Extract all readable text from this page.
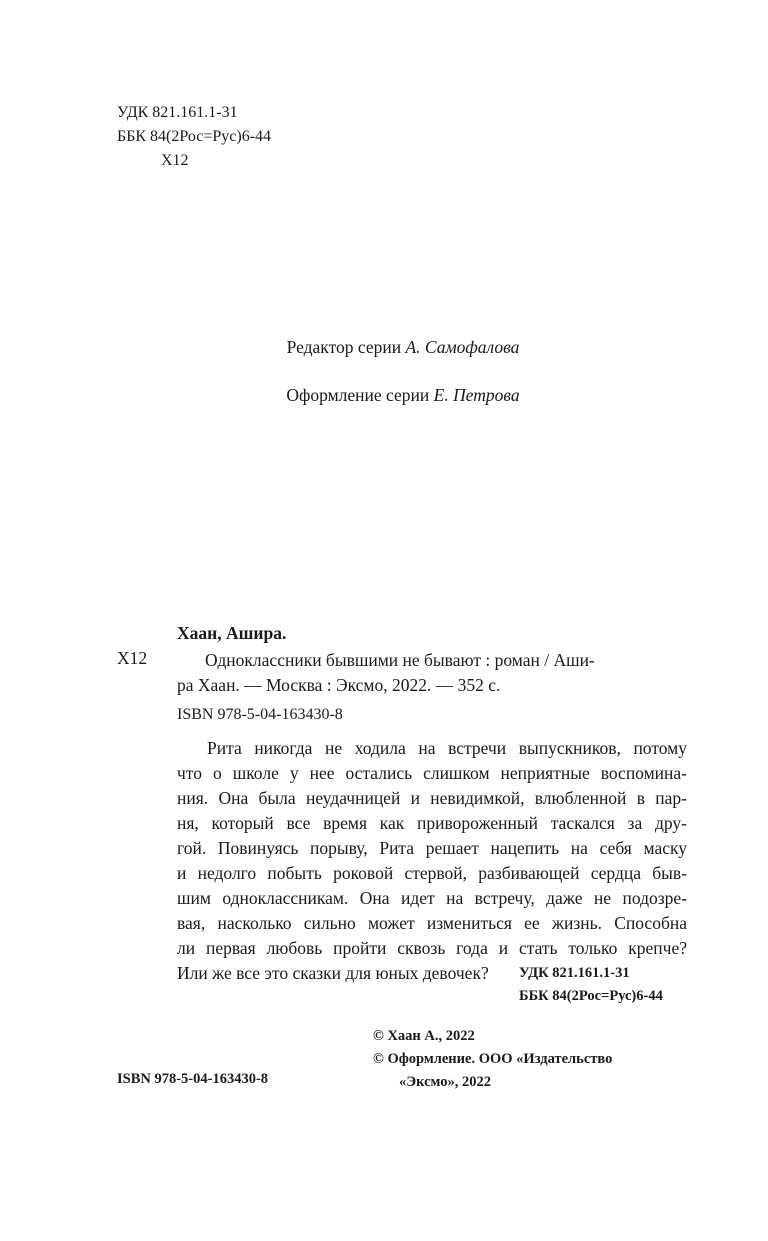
УДК 821.161.1-31
ББК 84(2Рос=Рус)6-44
Х12
Редактор серии А. Самофалова
Оформление серии Е. Петрова
Хаан, Ашира.
Х12	Одноклассники бывшими не бывают : роман / Аши-
ра Хаан. — Москва : Эксмо, 2022. — 352 с.
ISBN 978-5-04-163430-8
Рита никогда не ходила на встречи выпускников, потому
что о школе у нее остались слишком неприятные воспомина-
ния. Она была неудачницей и невидимкой, влюбленной в пар-
ня, который все время как привороженный таскался за дру-
гой. Повинуясь порыву, Рита решает нацепить на себя маску
и недолго побыть роковой стервой, разбивающей сердца быв-
шим одноклассникам. Она идет на встречу, даже не подозре-
вая, насколько сильно может измениться ее жизнь. Способна
ли первая любовь пройти сквозь года и стать только крепче?
Или же все это сказки для юных девочек?	УДК 821.161.1-31
ББК 84(2Рос=Рус)6-44
© Хаан А., 2022
© Оформление. ООО «Издательство
«Эксмо», 2022
ISBN 978-5-04-163430-8
